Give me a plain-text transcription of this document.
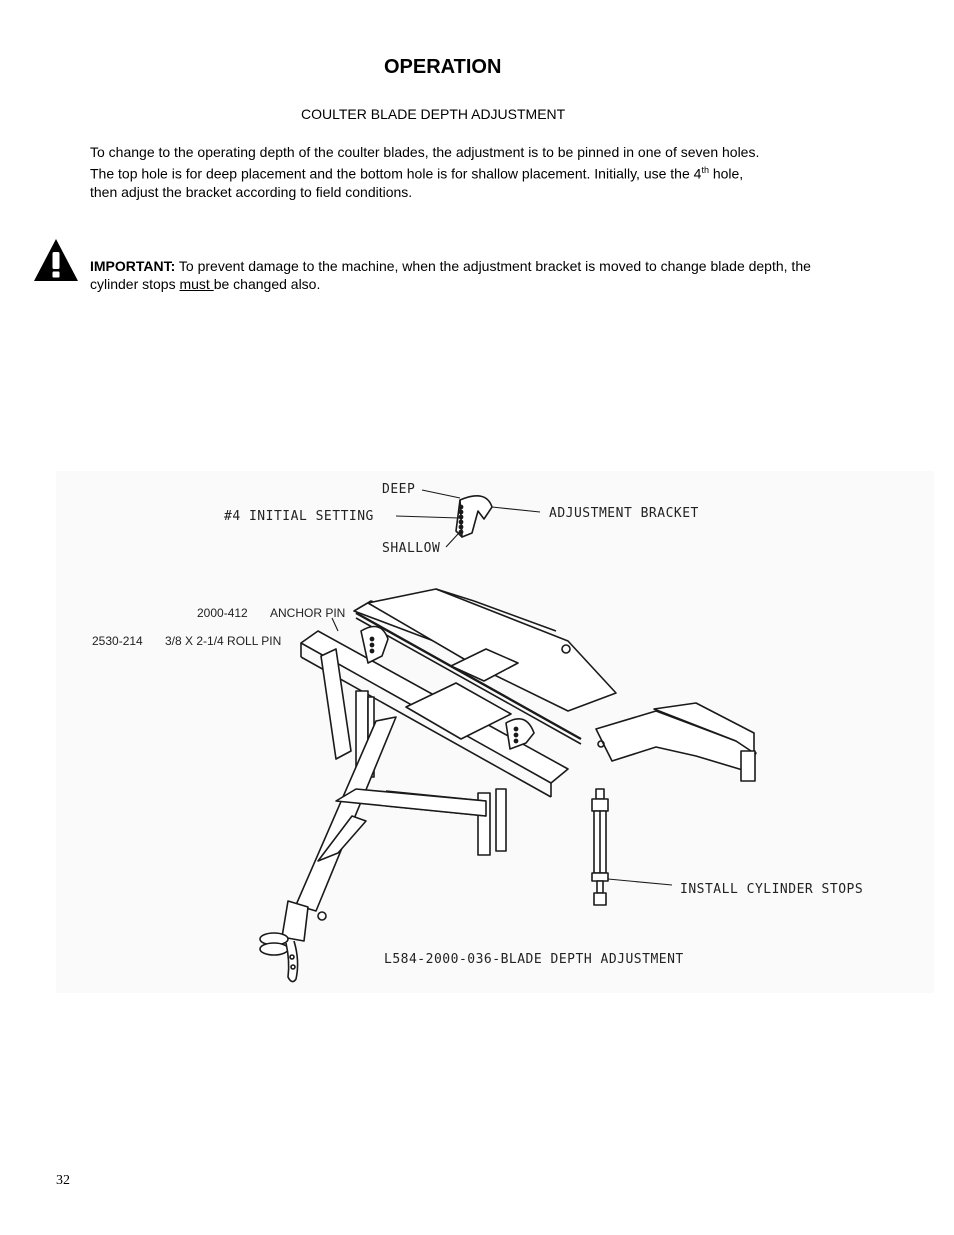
OPERATION
COULTER BLADE DEPTH ADJUSTMENT

To change to the operating depth of the coulter blades, the adjustment is to be pinned in one of seven holes.

The top hole is for deep placement and the bottom hole is for shallow placement. Initially, use the 4th hole,

then adjust the bracket according to field conditions.

IMPORTANT: To prevent damage to the machine, when the adjustment bracket is moved to change blade depth, the cylinder stops must be changed also.
DEEP
#4 INITIAL SETTING
SHALLOW
ADJUSTMENT BRACKET
2000-412 ANCHOR PIN
2530-214 3/8 X 2-1/4 ROLL PIN
INSTALL CYLINDER STOPS
L584-2000-036-BLADE DEPTH ADJUSTMENT
32
